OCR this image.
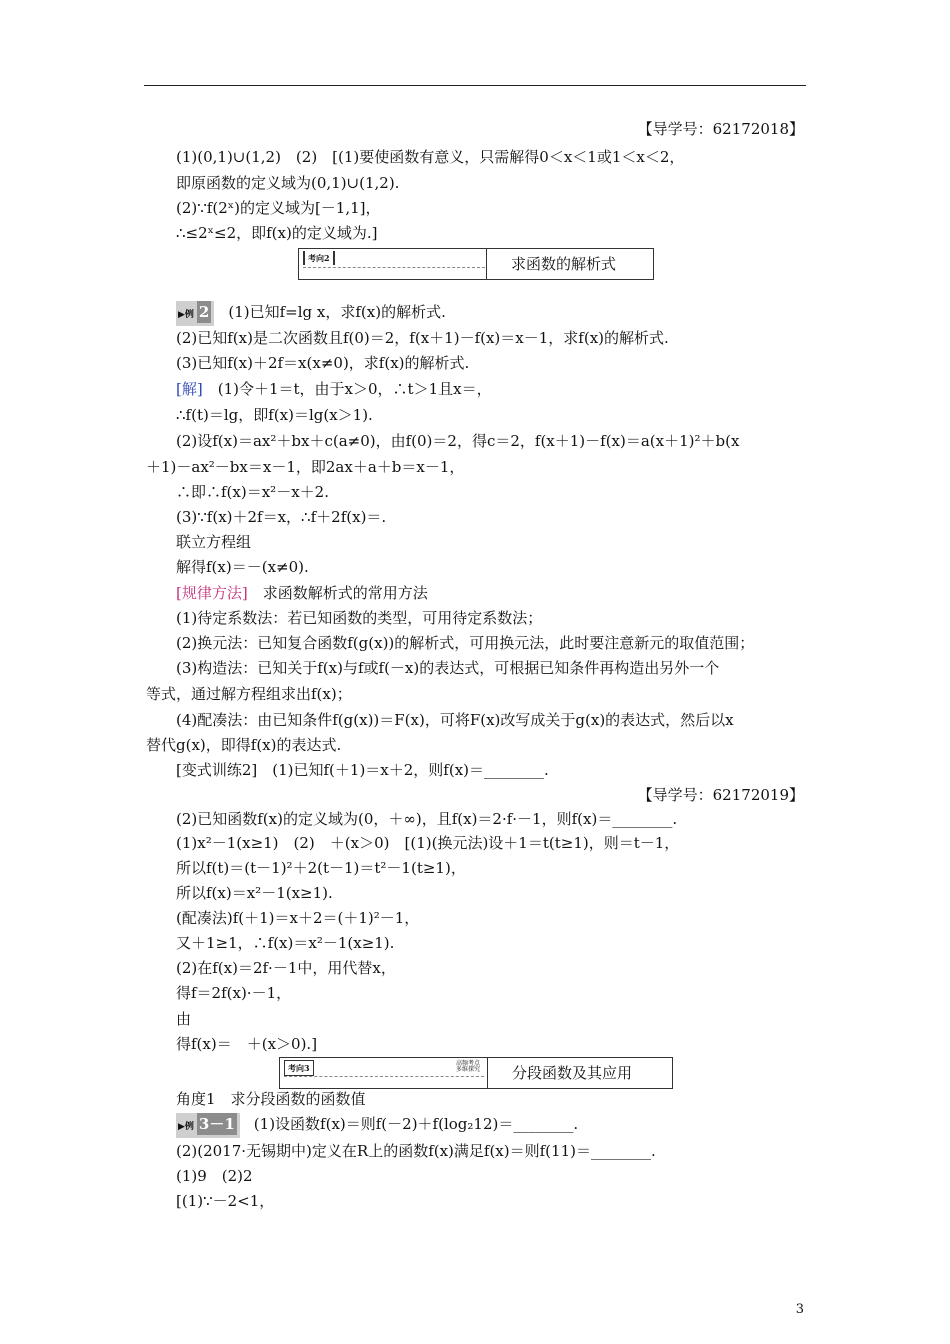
【导学号：62172018】
(1)(0,1)∪(1,2)　(2)　[(1)要使函数有意义，只需解得0＜x＜1或1＜x＜2，
即原函数的定义域为(0,1)∪(1,2).
(2)∵f(2ˣ)的定义域为[－1,1]，
∴≤2ˣ≤2，即f(x)的定义域为.]
考向2	求函数的解析式
▶例 2 (1)已知f=lg x，求f(x)的解析式.
(2)已知f(x)是二次函数且f(0)＝2，f(x＋1)－f(x)＝x－1，求f(x)的解析式.
(3)已知f(x)＋2f＝x(x≠0)，求f(x)的解析式.
[解]　(1)令＋1＝t，由于x＞0，∴t＞1且x＝，
∴f(t)＝lg，即f(x)＝lg(x＞1).
(2)设f(x)＝ax²＋bx＋c(a≠0)，由f(0)＝2，得c＝2，f(x＋1)－f(x)＝a(x＋1)²＋b(x
＋1)－ax²－bx＝x－1，即2ax＋a＋b＝x－1，
∴即∴f(x)＝x²－x＋2.
(3)∵f(x)＋2f＝x，∴f＋2f(x)＝.
联立方程组
解得f(x)＝－(x≠0).
[规律方法]　求函数解析式的常用方法
(1)待定系数法：若已知函数的类型，可用待定系数法；
(2)换元法：已知复合函数f(g(x))的解析式，可用换元法，此时要注意新元的取值范围；
(3)构造法：已知关于f(x)与f或f(－x)的表达式，可根据已知条件再构造出另外一个
等式，通过解方程组求出f(x)；
(4)配凑法：由已知条件f(g(x))＝F(x)，可将F(x)改写成关于g(x)的表达式，然后以x
替代g(x)，即得f(x)的表达式.
[变式训练2]　(1)已知f(＋1)＝x＋2，则f(x)＝________.
【导学号：62172019】
(2)已知函数f(x)的定义域为(0，＋∞)，且f(x)＝2·f·－1，则f(x)＝________.
(1)x²－1(x≥1)　(2)　＋(x＞0)　[(1)(换元法)设＋1＝t(t≥1)，则＝t－1，
所以f(t)＝(t－1)²＋2(t－1)＝t²－1(t≥1)，
所以f(x)＝x²－1(x≥1).
(配凑法)f(＋1)＝x＋2＝(＋1)²－1，
又＋1≥1，∴f(x)＝x²－1(x≥1).
(2)在f(x)＝2f·－1中，用代替x，
得f＝2f(x)·－1，
由
得f(x)＝　＋(x＞0).]
考向3	高频考点
多维探究 分段函数及其应用
角度1　求分段函数的函数值
▶例 3－1 (1)设函数f(x)＝则f(－2)＋f(log₂12)＝________.
(2)(2017·无锡期中)定义在R上的函数f(x)满足f(x)＝则f(11)＝________.
(1)9　(2)2
[(1)∵－2<1，
3
